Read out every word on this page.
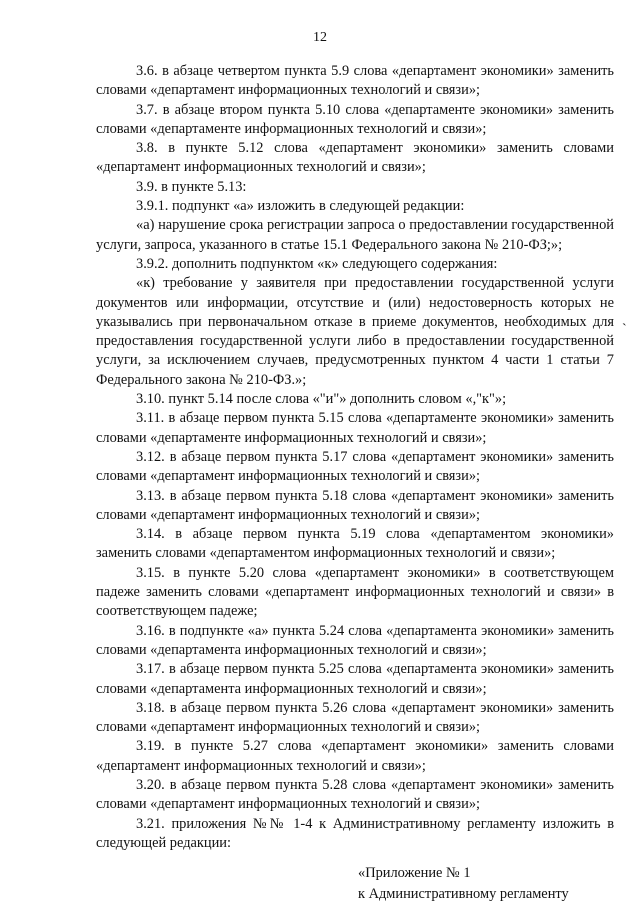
12

3.6. в абзаце четвертом пункта 5.9 слова «департамент экономики» заменить словами «департамент информационных технологий и связи»;

3.7. в абзаце втором пункта 5.10 слова «департаменте экономики» заменить словами «департаменте информационных технологий и связи»;

3.8. в пункте 5.12 слова «департамент экономики» заменить словами «департамент информационных технологий и связи»;

3.9. в пункте 5.13:

3.9.1. подпункт «а» изложить в следующей редакции:

«а) нарушение срока регистрации запроса о предоставлении государственной услуги, запроса, указанного в статье 15.1 Федерального закона № 210-ФЗ;»;

3.9.2. дополнить подпунктом «к» следующего содержания:

«к) требование у заявителя при предоставлении государственной услуги документов или информации, отсутствие и (или) недостоверность которых не указывались при первоначальном отказе в приеме документов, необходимых для предоставления государственной услуги либо в предоставлении государственной услуги, за исключением случаев, предусмотренных пунктом 4 части 1 статьи 7 Федерального закона № 210-ФЗ.»;

3.10. пункт 5.14 после слова «"и"» дополнить словом «,"к"»;

3.11. в абзаце первом пункта 5.15 слова «департаменте экономики» заменить словами «департаменте информационных технологий и связи»;

3.12. в абзаце первом пункта 5.17 слова «департамент экономики» заменить словами «департамент информационных технологий и связи»;

3.13. в абзаце первом пункта 5.18 слова «департамент экономики» заменить словами «департамент информационных технологий и связи»;

3.14. в абзаце первом пункта 5.19 слова «департаментом экономики» заменить словами «департаментом информационных технологий и связи»;

3.15. в пункте 5.20 слова «департамент экономики» в соответствующем падеже заменить словами «департамент информационных технологий и связи» в соответствующем падеже;

3.16. в подпункте «а» пункта 5.24 слова «департамента экономики» заменить словами «департамента информационных технологий и связи»;

3.17. в абзаце первом пункта 5.25 слова «департамента экономики» заменить словами «департамента информационных технологий и связи»;

3.18. в абзаце первом пункта 5.26 слова «департамент экономики» заменить словами «департамент информационных технологий и связи»;

3.19. в пункте 5.27 слова «департамент экономики» заменить словами «департамент информационных технологий и связи»;

3.20. в абзаце первом пункта 5.28 слова «департамент экономики» заменить словами «департамент информационных технологий и связи»;

3.21. приложения №№ 1-4 к Административному регламенту изложить в следующей редакции:

«Приложение № 1
к Административному регламенту
`
